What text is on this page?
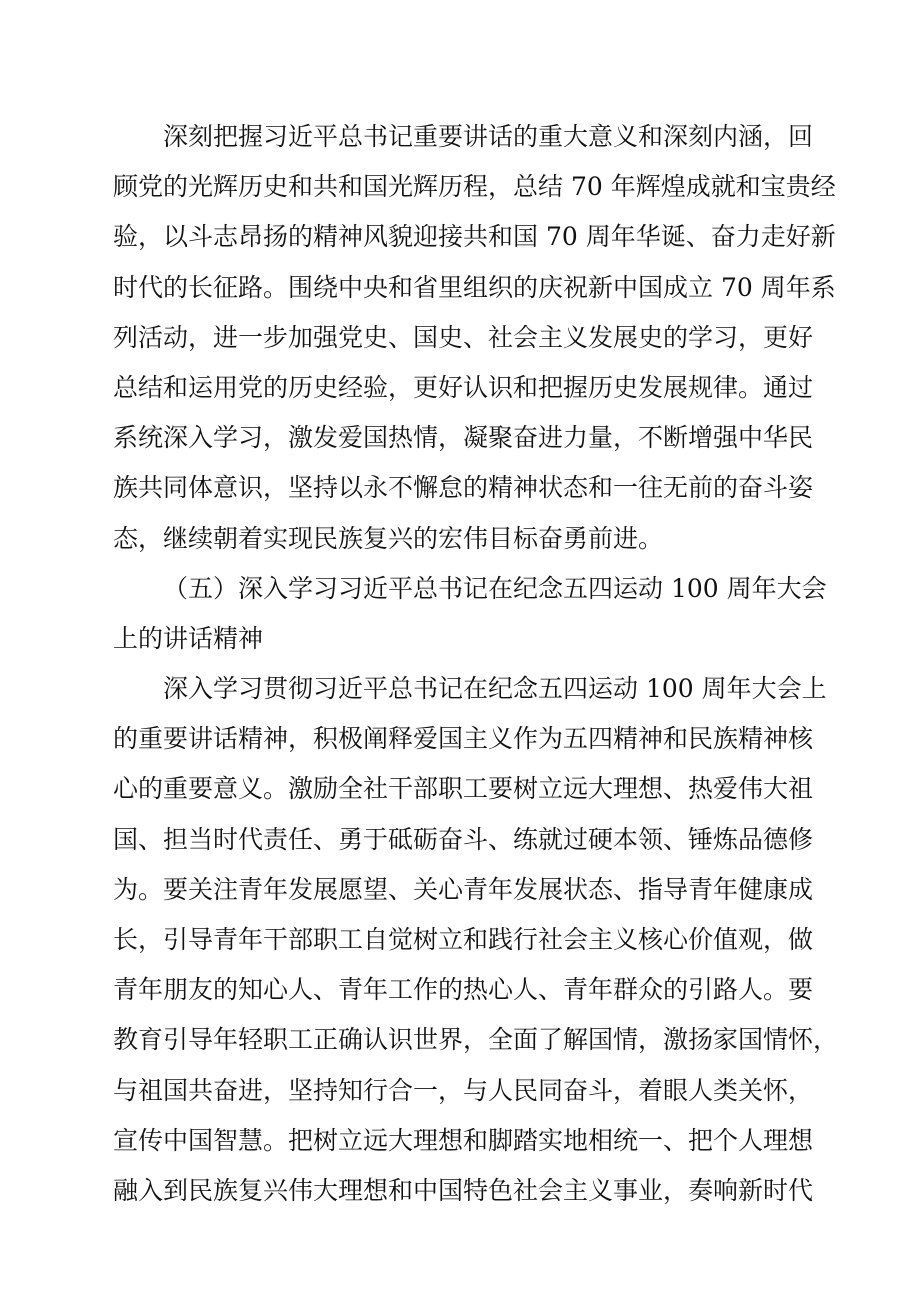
深刻把握习近平总书记重要讲话的重大意义和深刻内涵，回
顾党的光辉历史和共和国光辉历程，总结 70 年辉煌成就和宝贵经
验，以斗志昂扬的精神风貌迎接共和国 70 周年华诞、奋力走好新
时代的长征路。围绕中央和省里组织的庆祝新中国成立 70 周年系
列活动，进一步加强党史、国史、社会主义发展史的学习，更好
总结和运用党的历史经验，更好认识和把握历史发展规律。通过
系统深入学习，激发爱国热情，凝聚奋进力量，不断增强中华民
族共同体意识，坚持以永不懈怠的精神状态和一往无前的奋斗姿
态，继续朝着实现民族复兴的宏伟目标奋勇前进。
（五）深入学习习近平总书记在纪念五四运动 100 周年大会
上的讲话精神
深入学习贯彻习近平总书记在纪念五四运动 100 周年大会上
的重要讲话精神，积极阐释爱国主义作为五四精神和民族精神核
心的重要意义。激励全社干部职工要树立远大理想、热爱伟大祖
国、担当时代责任、勇于砥砺奋斗、练就过硬本领、锤炼品德修
为。要关注青年发展愿望、关心青年发展状态、指导青年健康成
长，引导青年干部职工自觉树立和践行社会主义核心价值观，做
青年朋友的知心人、青年工作的热心人、青年群众的引路人。要
教育引导年轻职工正确认识世界，全面了解国情，激扬家国情怀，
与祖国共奋进，坚持知行合一，与人民同奋斗，着眼人类关怀，
宣传中国智慧。把树立远大理想和脚踏实地相统一、把个人理想
融入到民族复兴伟大理想和中国特色社会主义事业，奏响新时代
